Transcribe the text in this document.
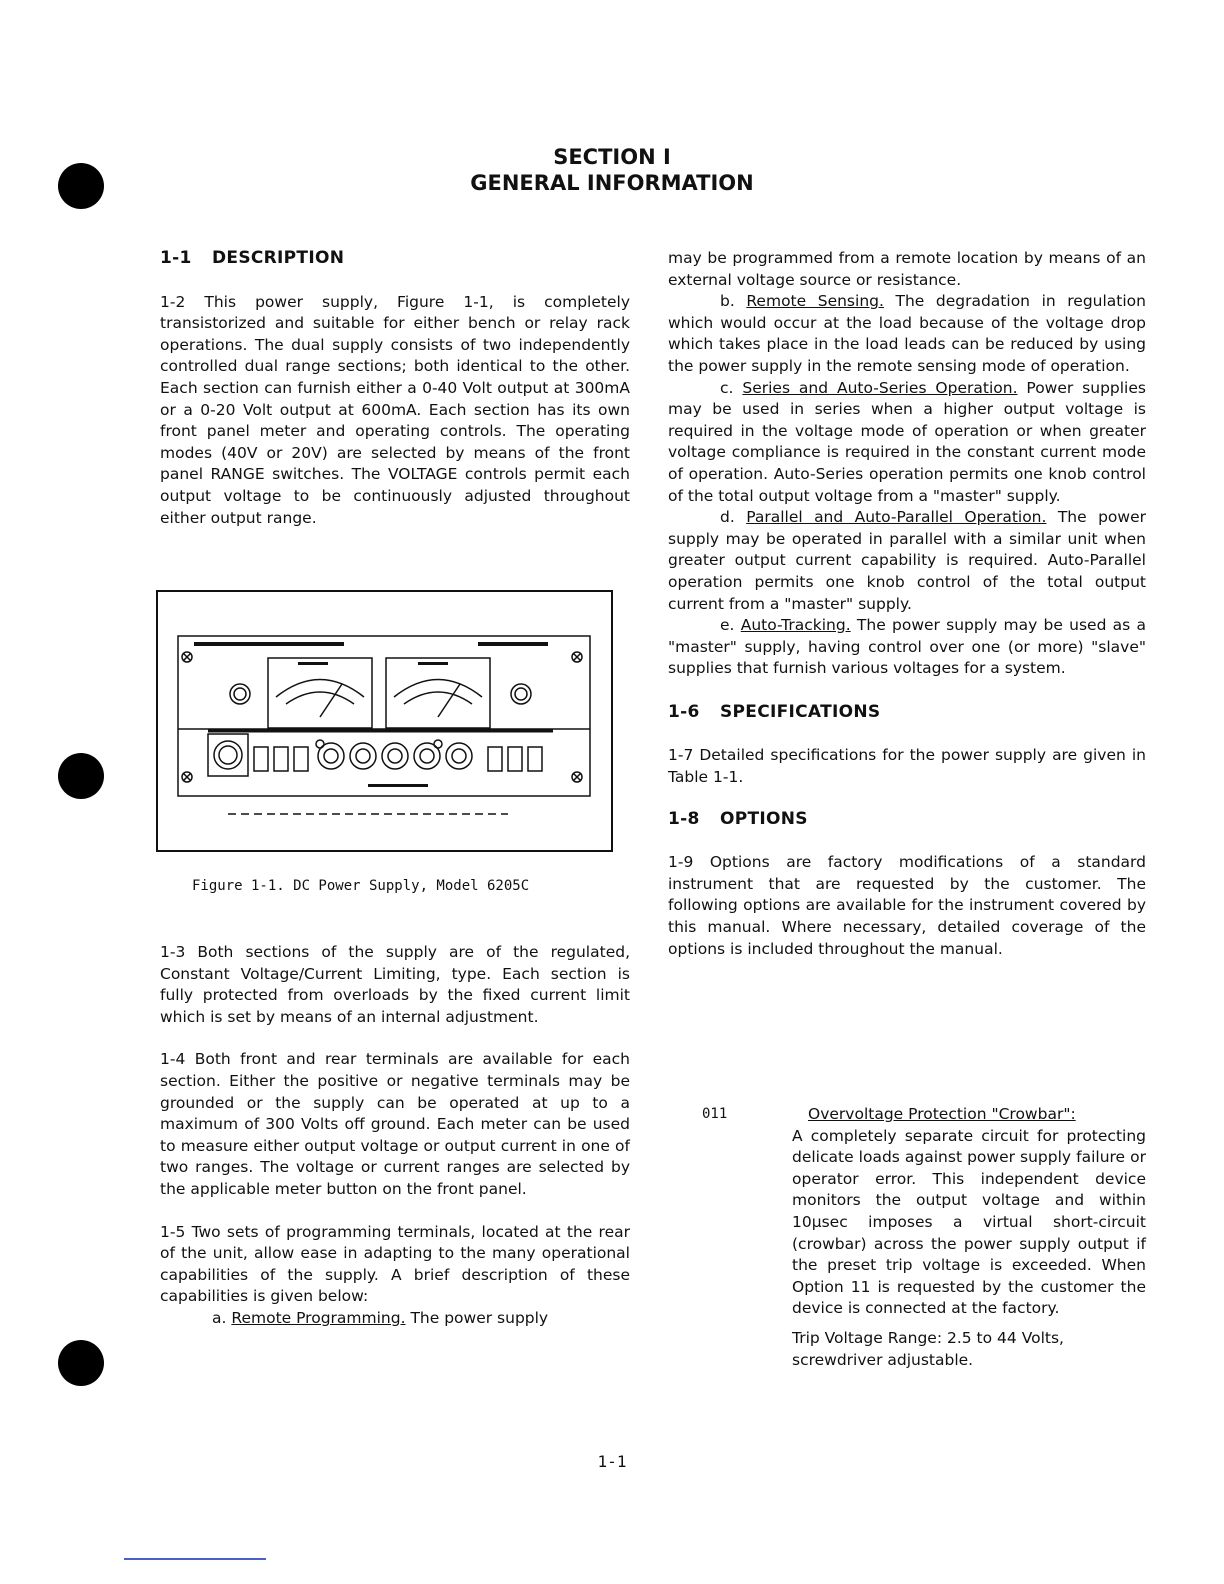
SECTION I
GENERAL INFORMATION

1-1 DESCRIPTION

1-2 This power supply, Figure 1-1, is completely transistorized and suitable for either bench or relay rack operations. The dual supply consists of two independently controlled dual range sections; both identical to the other. Each section can furnish either a 0-40 Volt output at 300mA or a 0-20 Volt output at 600mA. Each section has its own front panel meter and operating controls. The operating modes (40V or 20V) are selected by means of the front panel RANGE switches. The VOLTAGE controls permit each output voltage to be continuously adjusted throughout either output range.

Figure 1-1. DC Power Supply, Model 6205C

1-3 Both sections of the supply are of the regulated, Constant Voltage/Current Limiting, type. Each section is fully protected from overloads by the fixed current limit which is set by means of an internal adjustment.

1-4 Both front and rear terminals are available for each section. Either the positive or negative terminals may be grounded or the supply can be operated at up to a maximum of 300 Volts off ground. Each meter can be used to measure either output voltage or output current in one of two ranges. The voltage or current ranges are selected by the applicable meter button on the front panel.

1-5 Two sets of programming terminals, located at the rear of the unit, allow ease in adapting to the many operational capabilities of the supply. A brief description of these capabilities is given below:

a. Remote Programming. The power supply

may be programmed from a remote location by means of an external voltage source or resistance.

b. Remote Sensing. The degradation in regulation which would occur at the load because of the voltage drop which takes place in the load leads can be reduced by using the power supply in the remote sensing mode of operation.

c. Series and Auto-Series Operation. Power supplies may be used in series when a higher output voltage is required in the voltage mode of operation or when greater voltage compliance is required in the constant current mode of operation. Auto-Series operation permits one knob control of the total output voltage from a "master" supply.

d. Parallel and Auto-Parallel Operation. The power supply may be operated in parallel with a similar unit when greater output current capability is required. Auto-Parallel operation permits one knob control of the total output current from a "master" supply.

e. Auto-Tracking. The power supply may be used as a "master" supply, having control over one (or more) "slave" supplies that furnish various voltages for a system.

1-6 SPECIFICATIONS

1-7 Detailed specifications for the power supply are given in Table 1-1.

1-8 OPTIONS

1-9 Options are factory modifications of a standard instrument that are requested by the customer. The following options are available for the instrument covered by this manual. Where necessary, detailed coverage of the options is included throughout the manual.

011	Overvoltage Protection "Crowbar":

A completely separate circuit for protecting delicate loads against power supply failure or operator error. This independent device monitors the output voltage and within 10μsec imposes a virtual short-circuit (crowbar) across the power supply output if the preset trip voltage is exceeded. When Option 11 is requested by the customer the device is connected at the factory.

Trip Voltage Range: 2.5 to 44 Volts, screwdriver adjustable.

1-1
